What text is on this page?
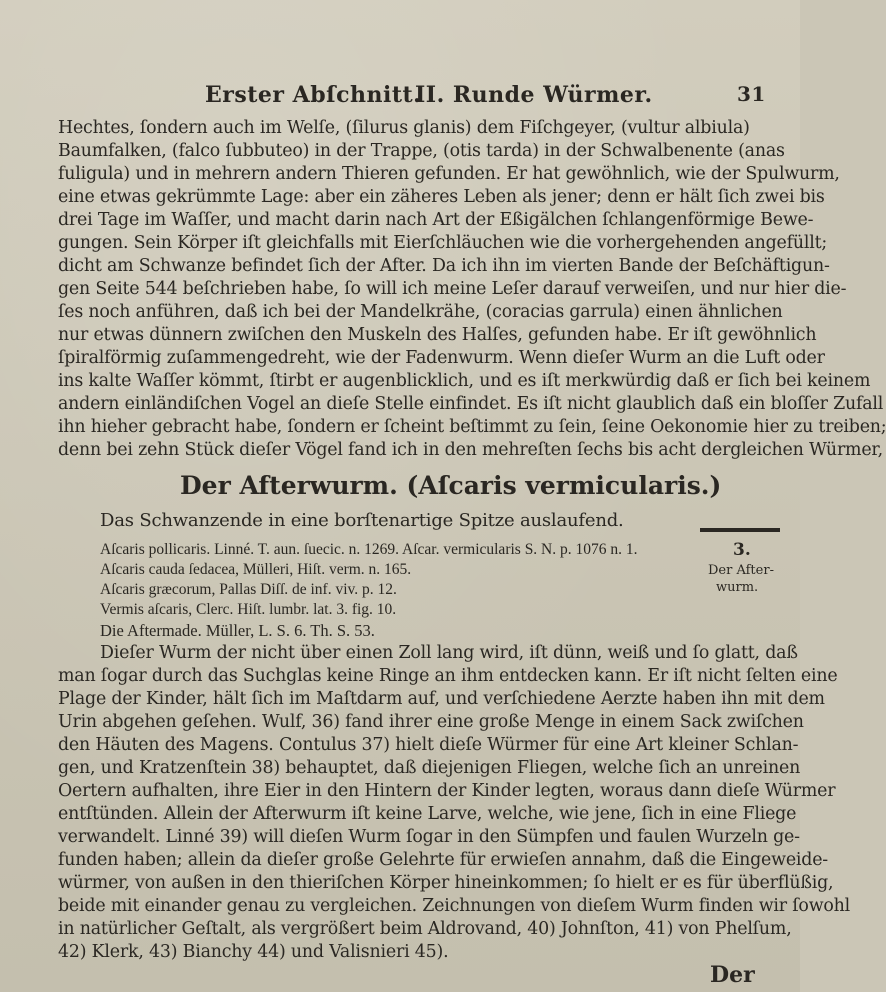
Erster Abſchnitt.
II. Runde Würmer.	31
Hechtes, ſondern auch im Welſe, (ſilurus glanis) dem Fiſchgeyer, (vultur albiula)
Baumfalken, (falco ſubbuteo) in der Trappe, (otis tarda) in der Schwalbenente (anas
fuligula) und in mehrern andern Thieren gefunden. Er hat gewöhnlich, wie der Spulwurm,
eine etwas gekrümmte Lage: aber ein zäheres Leben als jener; denn er hält ſich zwei bis
drei Tage im Waſſer, und macht darin nach Art der Eßigälchen ſchlangenförmige Bewe-
gungen. Sein Körper iſt gleichfalls mit Eierſchläuchen wie die vorhergehenden angefüllt;
dicht am Schwanze befindet ſich der After. Da ich ihn im vierten Bande der Beſchäftigun-
gen Seite 544 beſchrieben habe, ſo will ich meine Leſer darauf verweiſen, und nur hier die-
ſes noch anführen, daß ich bei der Mandelkrähe, (coracias garrula) einen ähnlichen
nur etwas dünnern zwiſchen den Muskeln des Halſes, gefunden habe. Er iſt gewöhnlich
ſpiralförmig zuſammengedreht, wie der Fadenwurm. Wenn dieſer Wurm an die Luft oder
ins kalte Waſſer kömmt, ſtirbt er augenblicklich, und es iſt merkwürdig daß er ſich bei keinem
andern einländiſchen Vogel an dieſe Stelle einfindet. Es iſt nicht glaublich daß ein bloſſer Zufall
ihn hieher gebracht habe, ſondern er ſcheint beſtimmt zu ſein, ſeine Oekonomie hier zu treiben;
denn bei zehn Stück dieſer Vögel fand ich in den mehreſten ſechs bis acht dergleichen Würmer,
Der Afterwurm. (Aſcaris vermicularis.)
Das Schwanzende in eine borſtenartige Spitze auslaufend.
Aſcaris pollicaris. Linné. T. aun. ſuecic. n. 1269. Aſcar. vermicularis S. N. p. 1076 n. 1.
Aſcaris cauda ſedacea, Mülleri, Hiſt. verm. n. 165.
Aſcaris græcorum, Pallas Diſſ. de inf. viv. p. 12.
Vermis aſcaris, Clerc. Hiſt. lumbr. lat. 3. fig. 10.
Die Aftermade. Müller, L. S. 6. Th. S. 53.
Dieſer Wurm der nicht über einen Zoll lang wird, iſt dünn, weiß und ſo glatt, daß
man ſogar durch das Suchglas keine Ringe an ihm entdecken kann. Er iſt nicht ſelten eine
Plage der Kinder, hält ſich im Maſtdarm auf, und verſchiedene Aerzte haben ihn mit dem
Urin abgehen geſehen. Wulf, 36) fand ihrer eine große Menge in einem Sack zwiſchen
den Häuten des Magens. Contulus 37) hielt dieſe Würmer für eine Art kleiner Schlan-
gen, und Kratzenſtein 38) behauptet, daß diejenigen Fliegen, welche ſich an unreinen
Oertern aufhalten, ihre Eier in den Hintern der Kinder legten, woraus dann dieſe Würmer
entſtünden. Allein der Afterwurm iſt keine Larve, welche, wie jene, ſich in eine Fliege
verwandelt. Linné 39) will dieſen Wurm ſogar in den Sümpfen und faulen Wurzeln ge-
funden haben; allein da dieſer große Gelehrte für erwieſen annahm, daß die Eingeweide-
würmer, von außen in den thieriſchen Körper hineinkommen; ſo hielt er es für überflüßig,
beide mit einander genau zu vergleichen. Zeichnungen von dieſem Wurm finden wir ſowohl
in natürlicher Geſtalt, als vergrößert beim Aldrovand, 40) Johnſton, 41) von Phelſum,
42) Klerk, 43) Bianchy 44) und Valisnieri 45).
3.
Der After-
wurm.
Der
